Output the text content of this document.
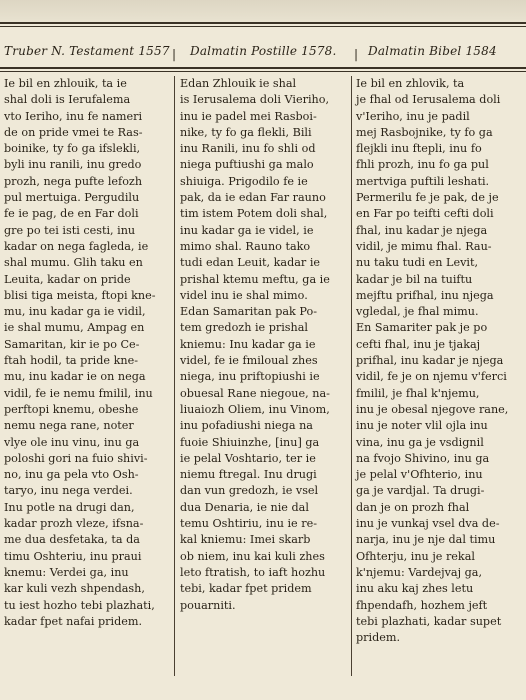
Truber N. Testament 1557 Dalmatin Postille 1578.	Dalmatin Bibel 1584
|	|
Ie bil en zhlouik, ta ie
shal doli is Ierufalema
vto Ieriho, inu fe nameri
de on pride vmei te Ras-
boinike, ty fo ga ifslekli,
byli inu ranili, inu gredo
prozh, nega pufte lefozh
pul mertuiga. Pergudilu
fe ie pag, de en Far doli
gre po tei isti cesti, inu
kadar on nega fagleda, ie
shal mumu. Glih taku en
Leuita, kadar on pride
blisi tiga meista, ftopi kne-
mu, inu kadar ga ie vidil,
ie shal mumu, Ampag en
Samaritan, kir ie po Ce-
ftah hodil, ta pride kne-
mu, inu kadar ie on nega
vidil, fe ie nemu fmilil, inu
perftopi knemu, obeshe
nemu nega rane, noter
vlye ole inu vinu, inu ga
poloshi gori na fuio shivi-
no, inu ga pela vto Osh-
taryo, inu nega verdei.
Inu potle na drugi dan,
kadar prozh vleze, ifsna-
me dua desfetaka, ta da
timu Oshteriu, inu praui
knemu: Verdei ga, inu
kar kuli vezh shpendash,
tu iest hozho tebi plazhati,
kadar fpet nafai pridem.
Edan Zhlouik ie shal
is Ierusalema doli Vieriho,
inu ie padel mei Rasboi-
nike, ty fo ga flekli, Bili
inu Ranili, inu fo shli od
niega puftiushi ga malo
shiuiga. Prigodilo fe ie
pak, da ie edan Far rauno
tim istem Potem doli shal,
inu kadar ga ie videl, ie
mimo shal. Rauno tako
tudi edan Leuit, kadar ie
prishal ktemu meftu, ga ie
videl inu ie shal mimo.
Edan Samaritan pak Po-
tem gredozh ie prishal
kniemu: Inu kadar ga ie
videl, fe ie fmiloual zhes
niega, inu priftopiushi ie
obuesal Rane niegoue, na-
liuaiozh Oliem, inu Vinom,
inu pofadiushi niega na
fuoie Shiuinzhe, [inu] ga
ie pelal Voshtario, ter ie
niemu ftregal. Inu drugi
dan vun gredozh, ie vsel
dua Denaria, ie nie dal
temu Oshtiriu, inu ie re-
kal kniemu: Imei skarb
ob niem, inu kai kuli zhes
leto ftratish, to iaft hozhu
tebi, kadar fpet pridem
pouarniti.
Ie bil en zhlovik, ta
je fhal od Ierusalema doli
v'Ieriho, inu je padil
mej Rasbojnike, ty fo ga
flejkli inu ftepli, inu fo
fhli prozh, inu fo ga pul
mertviga puftili leshati.
Permerilu fe je pak, de je
en Far po teifti cefti doli
fhal, inu kadar je njega
vidil, je mimu fhal. Rau-
nu taku tudi en Levit,
kadar je bil na tuiftu
mejftu prifhal, inu njega
vgledal, je fhal mimu.
En Samariter pak je po
cefti fhal, inu je tjakaj
prifhal, inu kadar je njega
vidil, fe je on njemu v'ferci
fmilil, je fhal k'njemu,
inu je obesal njegove rane,
inu je noter vlil ojla inu
vina, inu ga je vsdignil
na fvojo Shivino, inu ga
je pelal v'Ofhterio, inu
ga je vardjal. Ta drugi-
dan je on prozh fhal
inu je vunkaj vsel dva de-
narja, inu je nje dal timu
Ofhterju, inu je rekal
k'njemu: Vardejvaj ga,
inu aku kaj zhes letu
fhpendafh, hozhem jeft
tebi plazhati, kadar supet
pridem.
